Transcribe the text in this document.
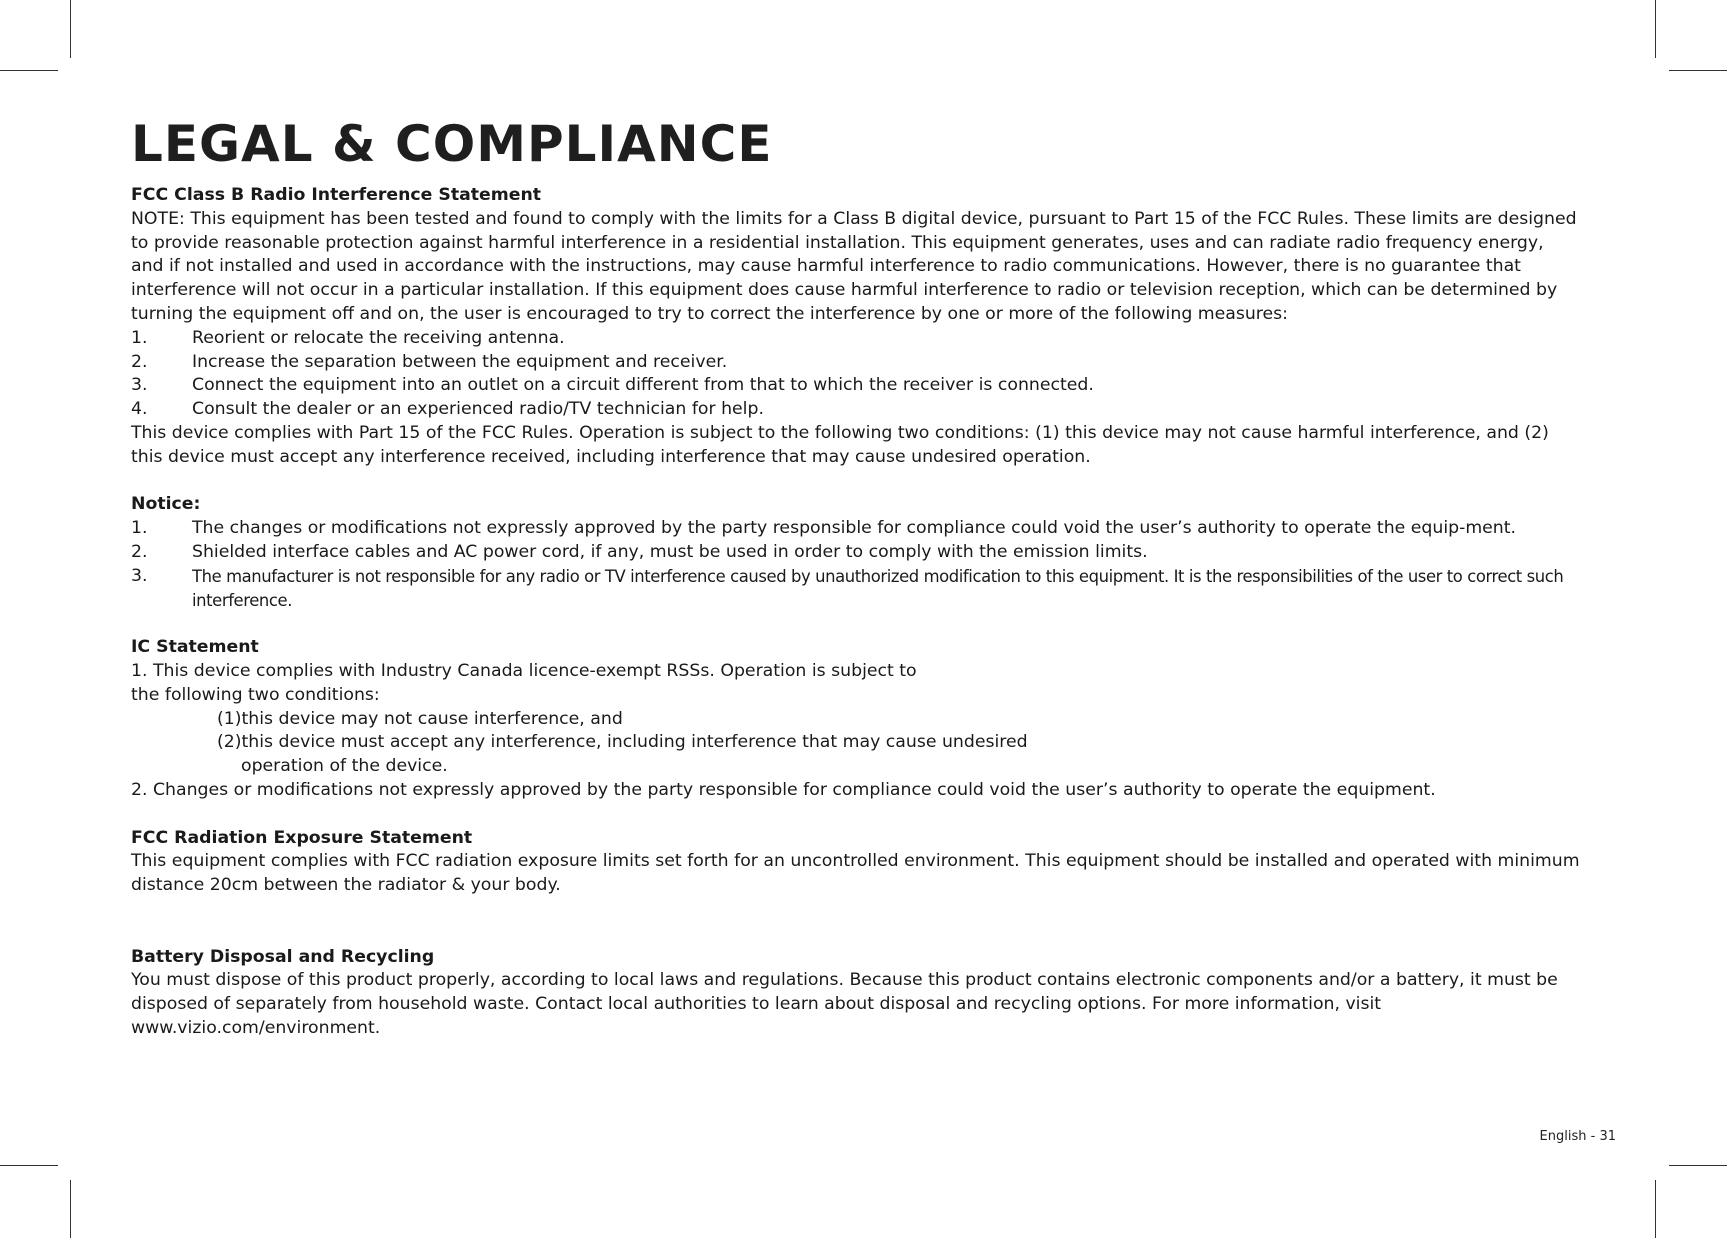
LEGAL & COMPLIANCE
FCC Class B Radio Interference Statement

NOTE: This equipment has been tested and found to comply with the limits for a Class B digital device, pursuant to Part 15 of the FCC Rules. These limits are designed to provide reasonable protection against harmful interference in a residential installation. This equipment generates, uses and can radiate radio frequency energy, and if not installed and used in accordance with the instructions, may cause harmful interference to radio communications. However, there is no guarantee that interference will not occur in a particular installation. If this equipment does cause harmful interference to radio or television reception, which can be determined by turning the equipment off and on, the user is encouraged to try to correct the interference by one or more of the following measures:

1.	Reorient or relocate the receiving antenna.
2.	Increase the separation between the equipment and receiver.
3.	Connect the equipment into an outlet on a circuit different from that to which the receiver is connected.
4.	Consult the dealer or an experienced radio/TV technician for help.

This device complies with Part 15 of the FCC Rules. Operation is subject to the following two conditions: (1) this device may not cause harmful interference, and (2) this device must accept any interference received, including interference that may cause undesired operation.

Notice:
1.	The changes or modifications not expressly approved by the party responsible for compliance could void the user’s authority to operate the equip-ment.
2.	Shielded interface cables and AC power cord, if any, must be used in order to comply with the emission limits.
3.	The manufacturer is not responsible for any radio or TV interference caused by unauthorized modification to this equipment. It is the responsibilities of the user to correct such interference.
IC Statement
1. This device complies with Industry Canada licence-exempt RSSs. Operation is subject to
the following two conditions:
(1)this device may not cause interference, and
(2)this device must accept any interference, including interference that may cause undesired
operation of the device.
2. Changes or modifications not expressly approved by the party responsible for compliance could void the user’s authority to operate the equipment.
FCC Radiation Exposure Statement

This equipment complies with FCC radiation exposure limits set forth for an uncontrolled environment. This equipment should be installed and operated with minimum distance 20cm between the radiator & your body.

Battery Disposal and Recycling

You must dispose of this product properly, according to local laws and regulations. Because this product contains electronic components and/or a battery, it must be disposed of separately from household waste. Contact local authorities to learn about disposal and recycling options. For more information, visit www.vizio.com/environment.

English - 31
